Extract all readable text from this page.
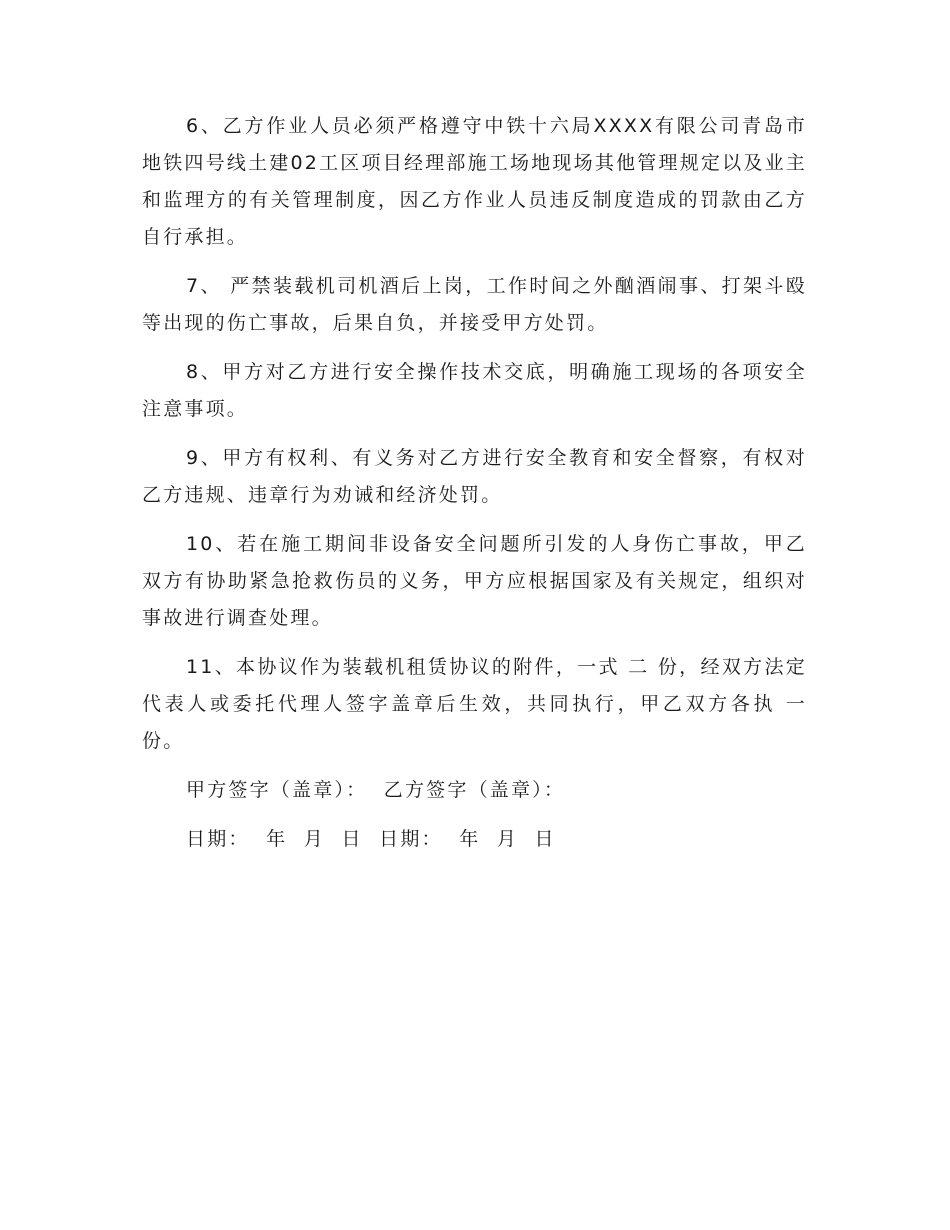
6、乙方作业人员必须严格遵守中铁十六局XXXX有限公司青岛市地铁四号线土建02工区项目经理部施工场地现场其他管理规定以及业主和监理方的有关管理制度，因乙方作业人员违反制度造成的罚款由乙方自行承担。

7、 严禁装载机司机酒后上岗，工作时间之外酗酒闹事、打架斗殴等出现的伤亡事故，后果自负，并接受甲方处罚。

8、甲方对乙方进行安全操作技术交底，明确施工现场的各项安全注意事项。

9、甲方有权利、有义务对乙方进行安全教育和安全督察，有权对乙方违规、违章行为劝诫和经济处罚。

10、若在施工期间非设备安全问题所引发的人身伤亡事故，甲乙双方有协助紧急抢救伤员的义务，甲方应根据国家及有关规定，组织对事故进行调查处理。

11、本协议作为装载机租赁协议的附件，一式 二 份，经双方法定代表人或委托代理人签字盖章后生效，共同执行，甲乙双方各执 一份。

甲方签字（盖章）：  乙方签字（盖章）：

日期：  年  月  日  日期：  年  月  日
